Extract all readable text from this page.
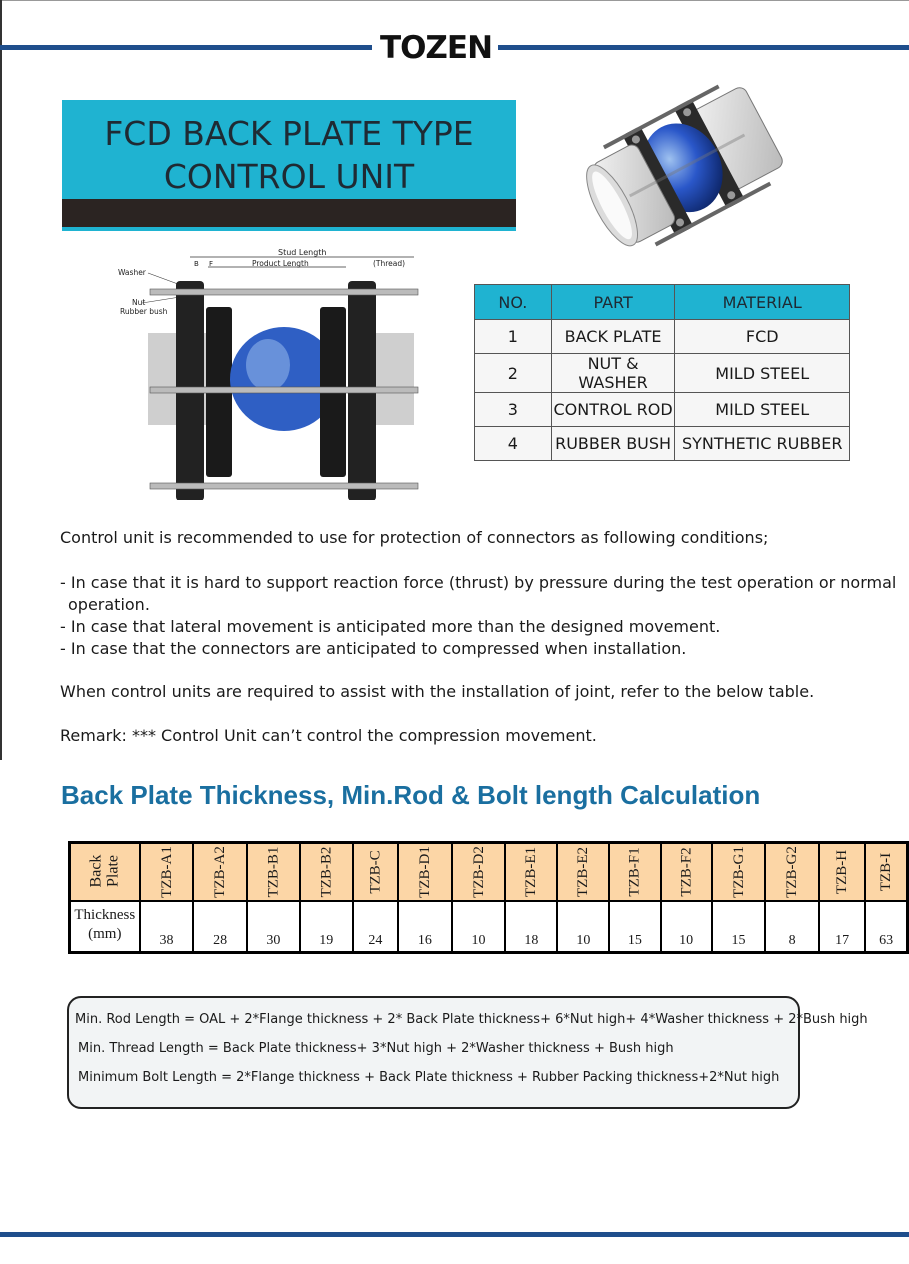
TOZEN
FCD BACK PLATE TYPE
CONTROL UNIT
Stud Length
Product Length	(Thread)
B F
Washer
Nut
Rubber bush	NO.	PART	MATERIAL
1	BACK PLATE	FCD
2	NUT & WASHER	MILD STEEL
3	CONTROL ROD	MILD STEEL
4	RUBBER BUSH	SYNTHETIC RUBBER
Control unit is recommended to use for protection of connectors as following conditions;
- In case that it is hard to support reaction force (thrust) by pressure during the test operation or normal
operation.
- In case that lateral movement is anticipated more than the designed movement.
- In case that the connectors are anticipated to compressed when installation.
When control units are required to assist with the installation of joint, refer to the below table.
Remark: *** Control Unit can’t control the compression movement.
Back Plate Thickness, Min.Rod & Bolt length Calculation
Back
Plate	TZB-A1	TZB-A2	TZB-B1	TZB-B2	TZB-C	TZB-D1	TZB-D2	TZB-E1	TZB-E2	TZB-F1	TZB-F2	TZB-G1	TZB-G2	TZB-H	TZB-I
Thickness
(mm)	38	28	30	19	24	16	10	18	10	15	10	15	8	17	63
Min. Rod Length = OAL + 2*Flange thickness + 2* Back Plate thickness+ 6*Nut high+ 4*Washer thickness + 2*Bush high
Min. Thread Length = Back Plate thickness+ 3*Nut high + 2*Washer thickness + Bush high
Minimum Bolt Length = 2*Flange thickness + Back Plate thickness + Rubber Packing thickness+2*Nut high
